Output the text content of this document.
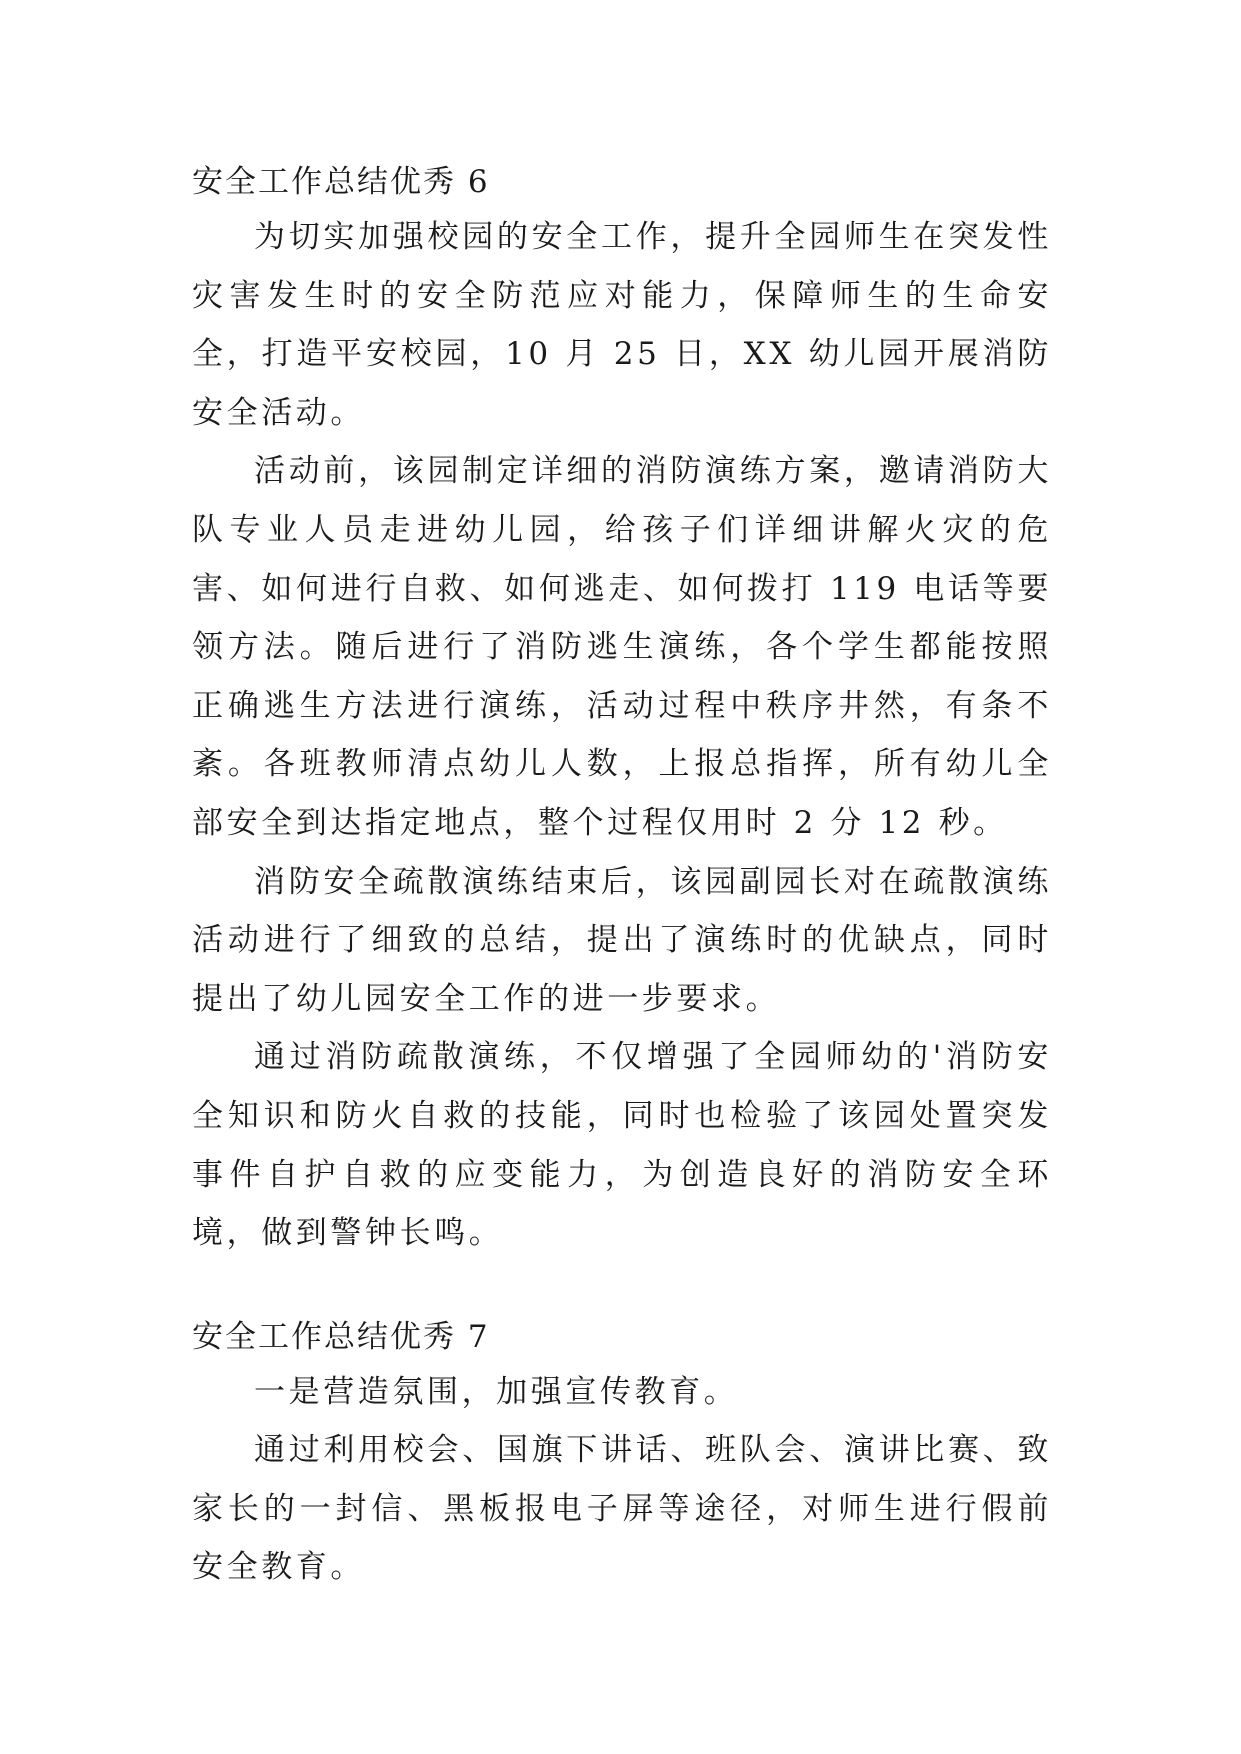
安全工作总结优秀 6

为切实加强校园的安全工作，提升全园师生在突发性灾害发生时的安全防范应对能力，保障师生的生命安全，打造平安校园，10 月 25 日，XX 幼儿园开展消防安全活动。

活动前，该园制定详细的消防演练方案，邀请消防大队专业人员走进幼儿园，给孩子们详细讲解火灾的危害、如何进行自救、如何逃走、如何拨打 119 电话等要领方法。随后进行了消防逃生演练，各个学生都能按照正确逃生方法进行演练，活动过程中秩序井然，有条不紊。各班教师清点幼儿人数，上报总指挥，所有幼儿全部安全到达指定地点，整个过程仅用时 2 分 12 秒。

消防安全疏散演练结束后，该园副园长对在疏散演练活动进行了细致的总结，提出了演练时的优缺点，同时提出了幼儿园安全工作的进一步要求。

通过消防疏散演练，不仅增强了全园师幼的'消防安全知识和防火自救的技能，同时也检验了该园处置突发事件自护自救的应变能力，为创造良好的消防安全环境，做到警钟长鸣。

安全工作总结优秀 7

一是营造氛围，加强宣传教育。

通过利用校会、国旗下讲话、班队会、演讲比赛、致家长的一封信、黑板报电子屏等途径，对师生进行假前安全教育。
